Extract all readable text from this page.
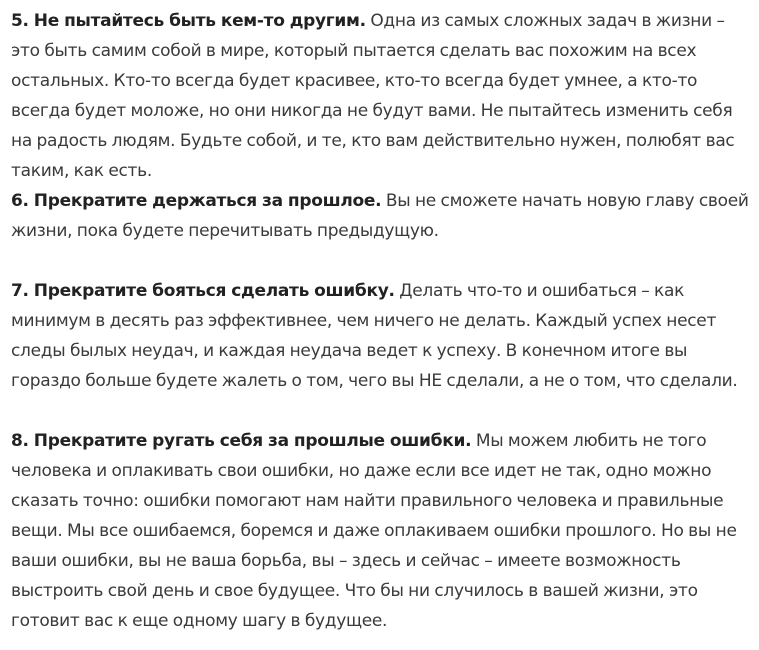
5. Не пытайтесь быть кем-то другим. Одна из самых сложных задач в жизни – это быть самим собой в мире, который пытается сделать вас похожим на всех остальных. Кто-то всегда будет красивее, кто-то всегда будет умнее, а кто-то всегда будет моложе, но они никогда не будут вами. Не пытайтесь изменить себя на радость людям. Будьте собой, и те, кто вам действительно нужен, полюбят вас таким, как есть.

6. Прекратите держаться за прошлое. Вы не сможете начать новую главу своей жизни, пока будете перечитывать предыдущую.

7. Прекратите бояться сделать ошибку. Делать что-то и ошибаться – как минимум в десять раз эффективнее, чем ничего не делать. Каждый успех несет следы былых неудач, и каждая неудача ведет к успеху. В конечном итоге вы гораздо больше будете жалеть о том, чего вы НЕ сделали, а не о том, что сделали.

8. Прекратите ругать себя за прошлые ошибки. Мы можем любить не того человека и оплакивать свои ошибки, но даже если все идет не так, одно можно сказать точно: ошибки помогают нам найти правильного человека и правильные вещи. Мы все ошибаемся, боремся и даже оплакиваем ошибки прошлого. Но вы не ваши ошибки, вы не ваша борьба, вы – здесь и сейчас – имеете возможность выстроить свой день и свое будущее. Что бы ни случилось в вашей жизни, это готовит вас к еще одному шагу в будущее.
